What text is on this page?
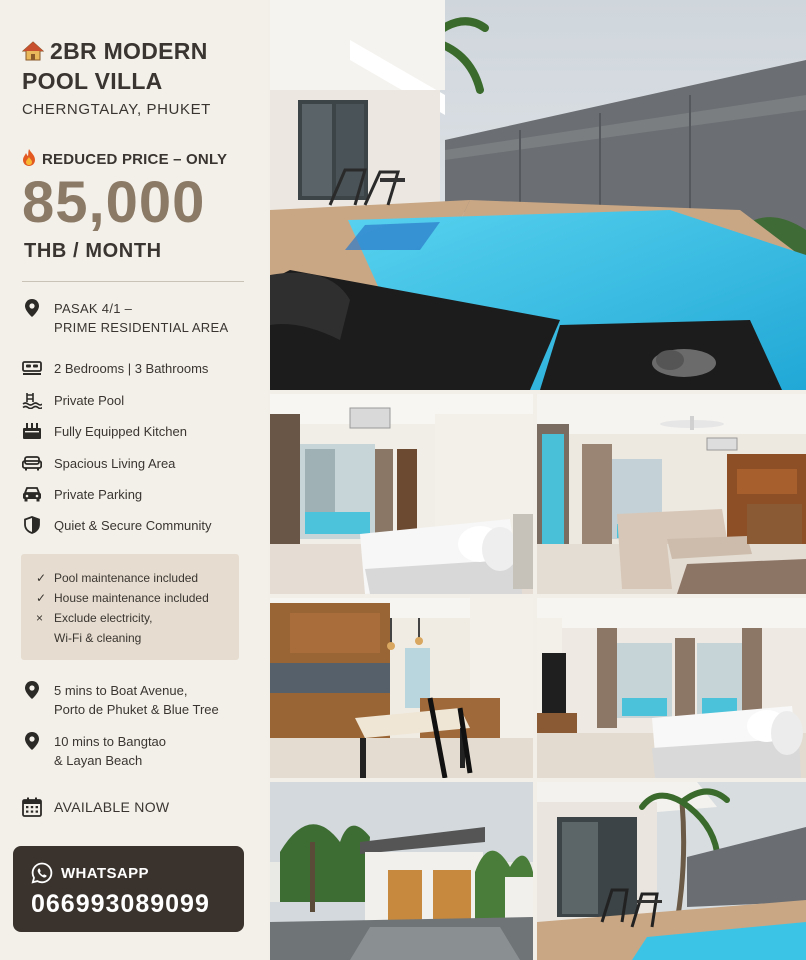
2BR MODERN
POOL VILLA
CHERNGTALAY, PHUKET
REDUCED PRICE – ONLY
85,000
THB / MONTH
PASAK 4/1 –
PRIME RESIDENTIAL AREA
2 Bedrooms | 3 Bathrooms
Private Pool
Fully Equipped Kitchen
Spacious Living Area
Private Parking
Quiet & Secure Community
✓ Pool maintenance included
✓ House maintenance included
× Exclude electricity,
Wi-Fi & cleaning
5 mins to Boat Avenue,
Porto de Phuket & Blue Tree
10 mins to Bangtao
& Layan Beach
AVAILABLE NOW
WHATSAPP
066993089099
